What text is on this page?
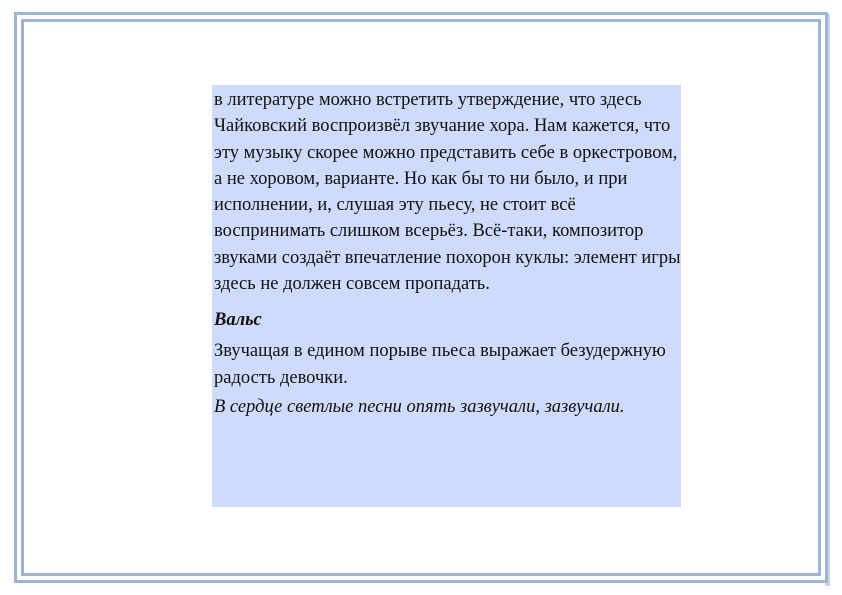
в литературе можно встретить утверждение, что здесь Чайковский воспроизвёл звучание хора. Нам кажется, что эту музыку скорее можно представить себе в оркестровом, а не хоровом, варианте. Но как бы то ни было, и при исполнении, и, слушая эту пьесу, не стоит всё воспринимать слишком всерьёз. Всё-таки, композитор звуками создаёт впечатление похорон куклы: элемент игры здесь не должен совсем пропадать.

Вальс

Звучащая в едином порыве пьеса выражает безудержную радость девочки.

В сердце светлые песни опять зазвучали, зазвучали.
